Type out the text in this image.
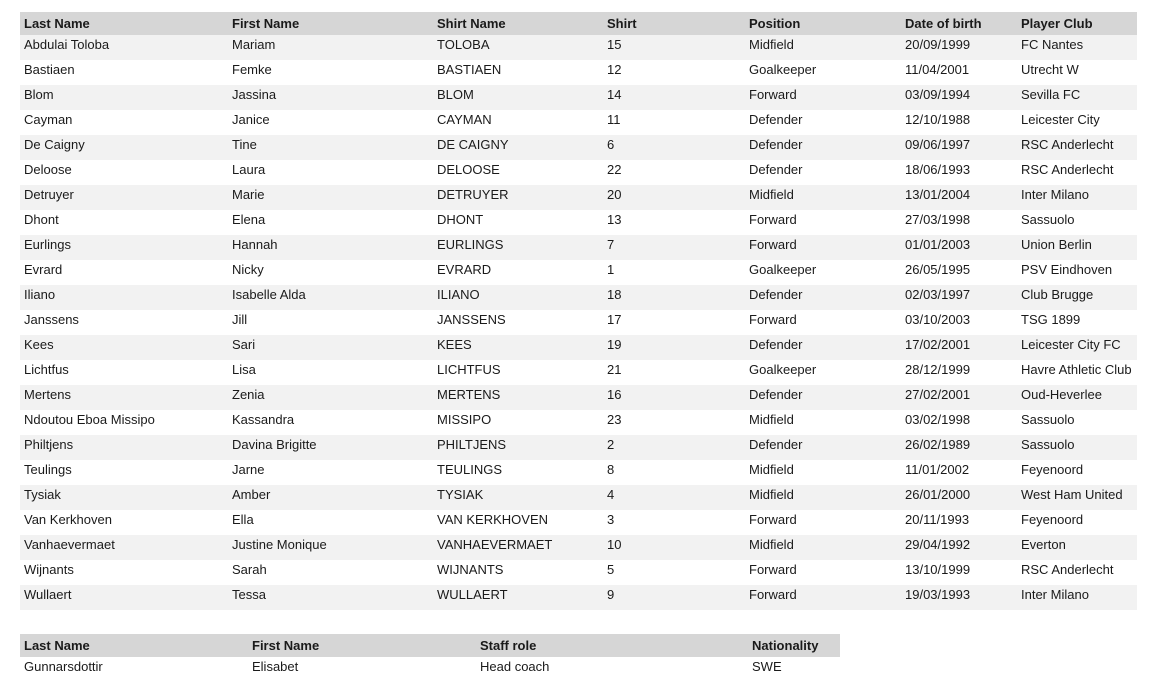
Last Name	First Name	Shirt Name	Shirt	Position	Date of birth	Player Club
Abdulai Toloba	Mariam	TOLOBA	15	Midfield	20/09/1999	FC Nantes
Bastiaen	Femke	BASTIAEN	12	Goalkeeper	11/04/2001	Utrecht W
Blom	Jassina	BLOM	14	Forward	03/09/1994	Sevilla FC
Cayman	Janice	CAYMAN	11	Defender	12/10/1988	Leicester City
De Caigny	Tine	DE CAIGNY	6	Defender	09/06/1997	RSC Anderlecht
Deloose	Laura	DELOOSE	22	Defender	18/06/1993	RSC Anderlecht
Detruyer	Marie	DETRUYER	20	Midfield	13/01/2004	Inter Milano
Dhont	Elena	DHONT	13	Forward	27/03/1998	Sassuolo
Eurlings	Hannah	EURLINGS	7	Forward	01/01/2003	Union Berlin
Evrard	Nicky	EVRARD	1	Goalkeeper	26/05/1995	PSV Eindhoven
Iliano	Isabelle Alda	ILIANO	18	Defender	02/03/1997	Club Brugge
Janssens	Jill	JANSSENS	17	Forward	03/10/2003	TSG 1899
Kees	Sari	KEES	19	Defender	17/02/2001	Leicester City FC
Lichtfus	Lisa	LICHTFUS	21	Goalkeeper	28/12/1999	Havre Athletic Club
Mertens	Zenia	MERTENS	16	Defender	27/02/2001	Oud-Heverlee
Ndoutou Eboa Missipo	Kassandra	MISSIPO	23	Midfield	03/02/1998	Sassuolo
Philtjens	Davina Brigitte	PHILTJENS	2	Defender	26/02/1989	Sassuolo
Teulings	Jarne	TEULINGS	8	Midfield	11/01/2002	Feyenoord
Tysiak	Amber	TYSIAK	4	Midfield	26/01/2000	West Ham United
Van Kerkhoven	Ella	VAN KERKHOVEN	3	Forward	20/11/1993	Feyenoord
Vanhaevermaet	Justine Monique	VANHAEVERMAET	10	Midfield	29/04/1992	Everton
Wijnants	Sarah	WIJNANTS	5	Forward	13/10/1999	RSC Anderlecht
Wullaert	Tessa	WULLAERT	9	Forward	19/03/1993	Inter Milano
Last Name	First Name	Staff role	Nationality
Gunnarsdottir	Elisabet	Head coach	SWE
